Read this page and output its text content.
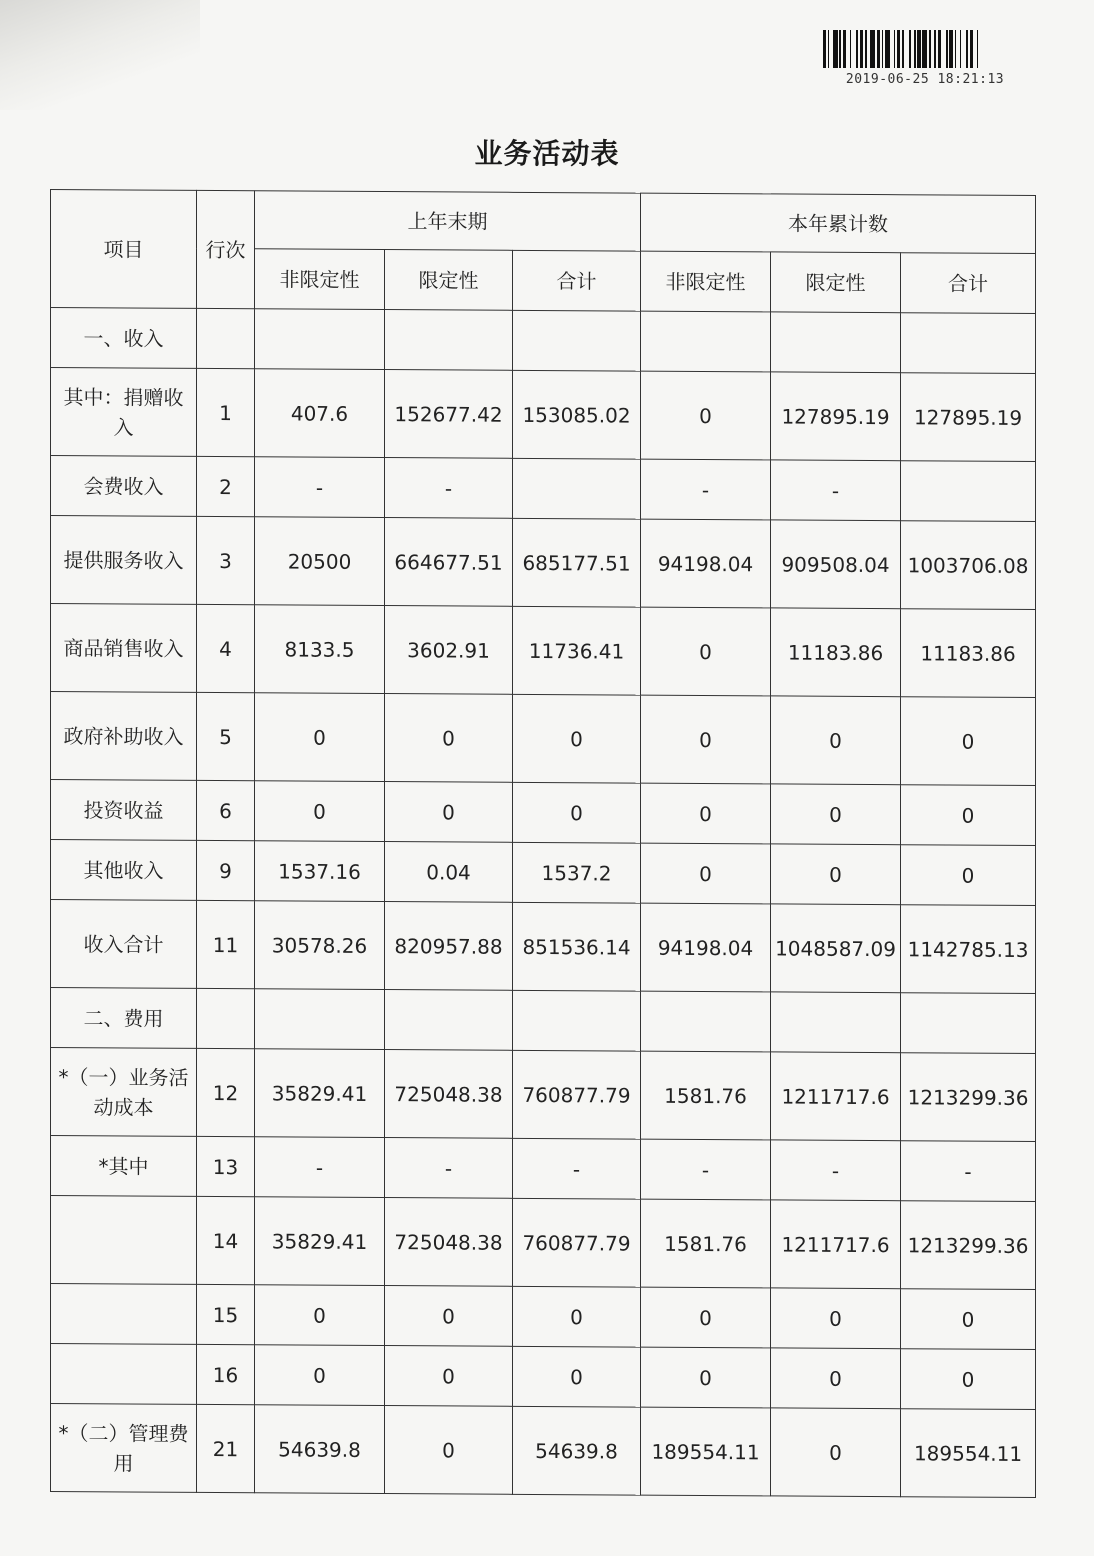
2019-06-25 18:21:13
业务活动表
项目	行次	上年末期			本年累计数		
		非限定性	限定性	合计	非限定性	限定性	合计
一、收入							
其中：捐赠收入	1	407.6	152677.42	153085.02	0	127895.19	127895.19
会费收入	2	-	-		-	-	
提供服务收入	3	20500	664677.51	685177.51	94198.04	909508.04	1003706.08
商品销售收入	4	8133.5	3602.91	11736.41	0	11183.86	11183.86
政府补助收入	5	0	0	0	0	0	0
投资收益	6	0	0	0	0	0	0
其他收入	9	1537.16	0.04	1537.2	0	0	0
收入合计	11	30578.26	820957.88	851536.14	94198.04	1048587.09	1142785.13
二、费用							
*（一）业务活动成本	12	35829.41	725048.38	760877.79	1581.76	1211717.6	1213299.36
*其中	13	-	-	-	-	-	-
	14	35829.41	725048.38	760877.79	1581.76	1211717.6	1213299.36
	15	0	0	0	0	0	0
	16	0	0	0	0	0	0
*（二）管理费用	21	54639.8	0	54639.8	189554.11	0	189554.11
